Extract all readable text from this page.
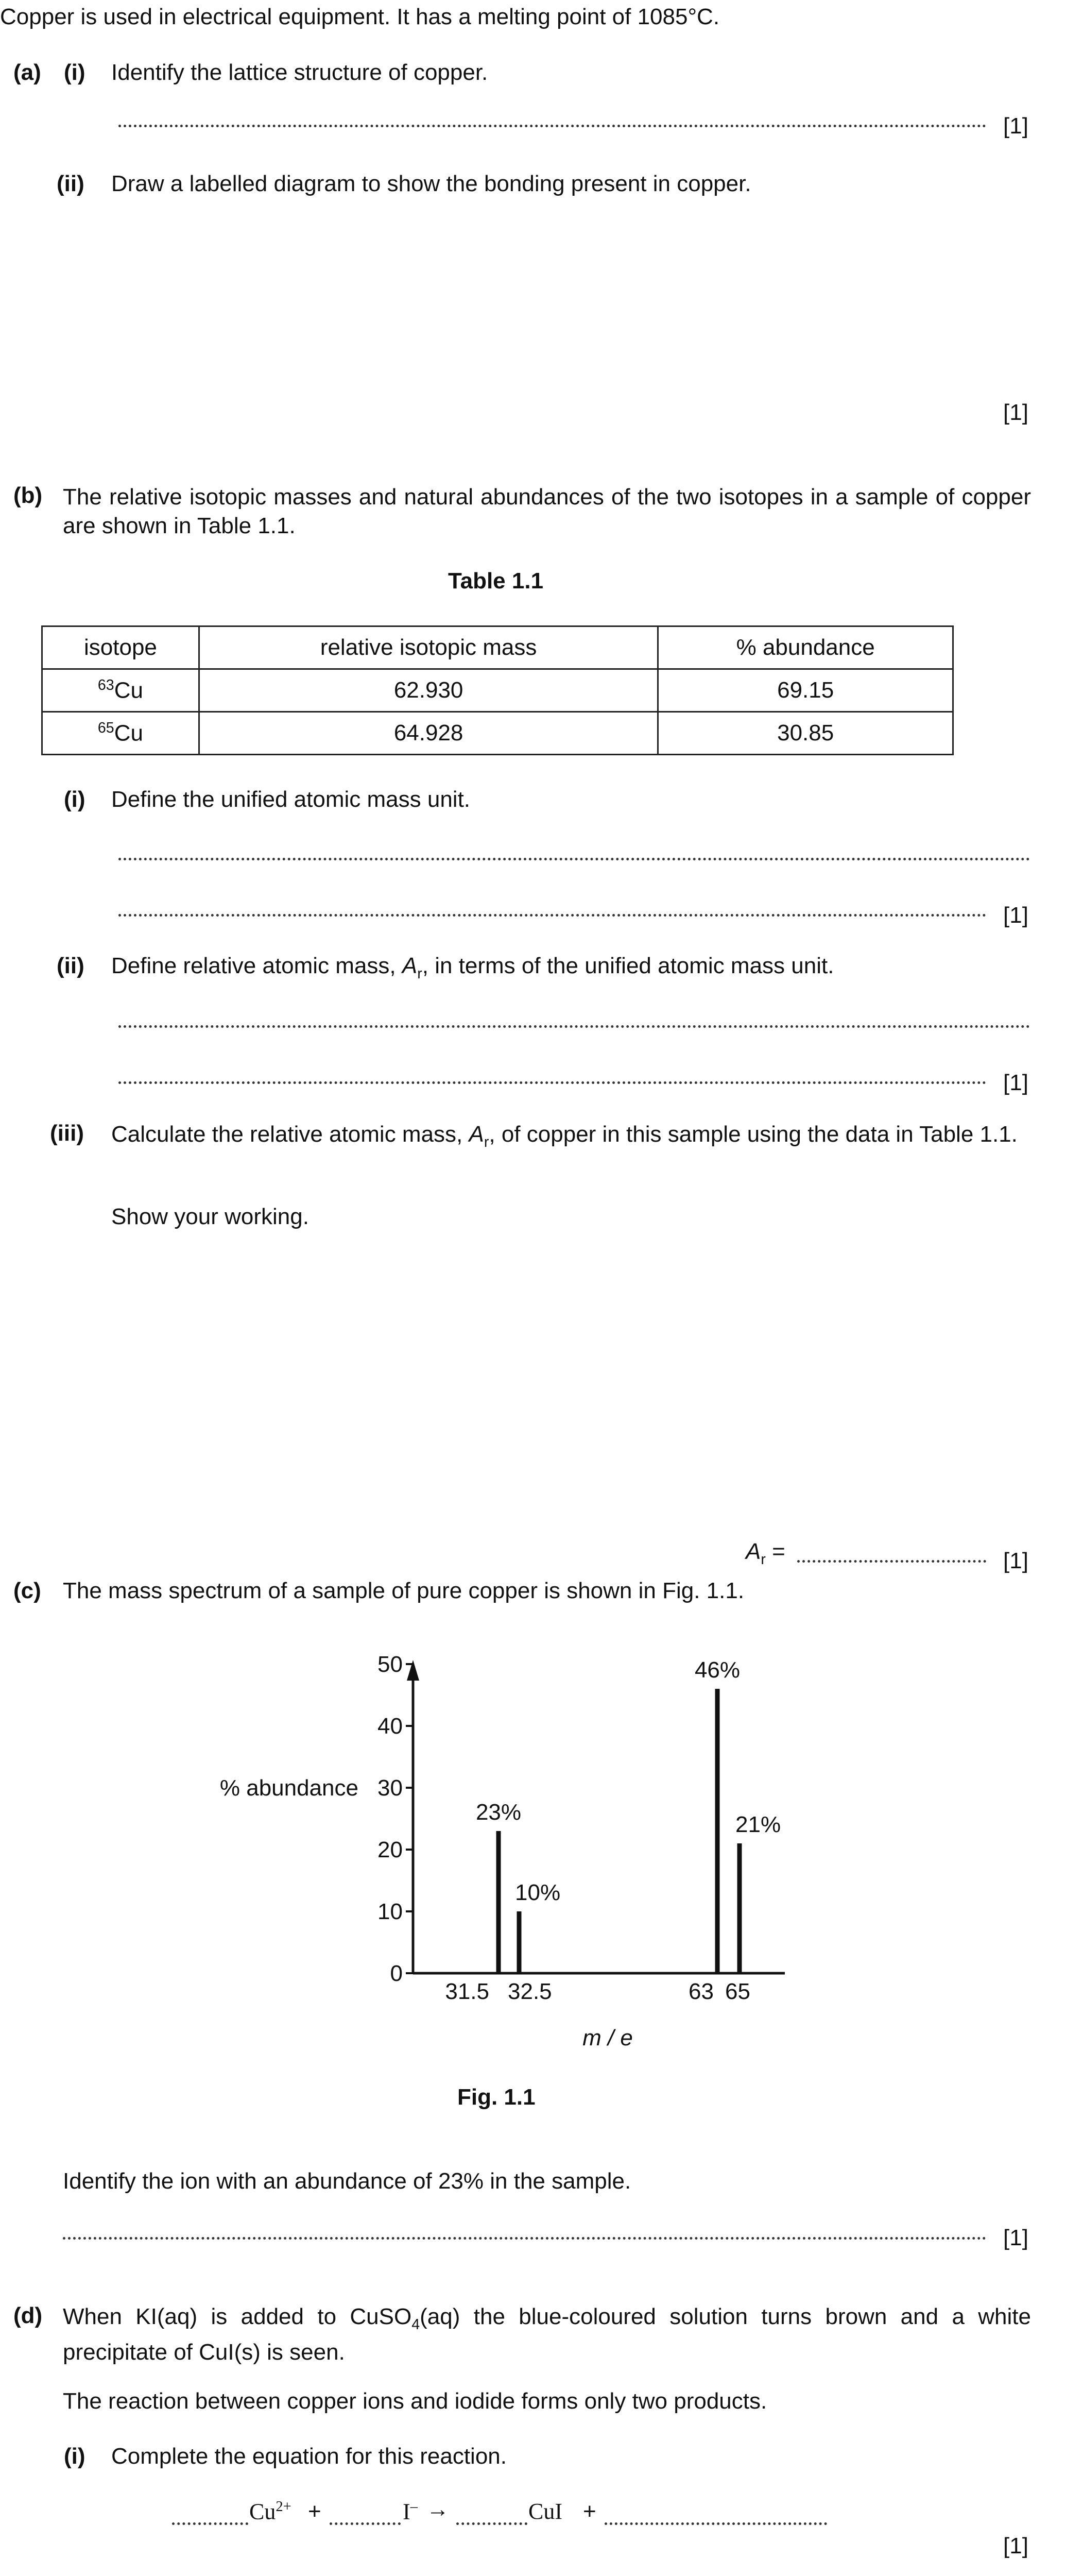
Copper is used in electrical equipment. It has a melting point of 1085°C.
(a) (i) Identify the lattice structure of copper.
[1]
(ii) Draw a labelled diagram to show the bonding present in copper.
[1]
(b) The relative isotopic masses and natural abundances of the two isotopes in a sample of copper are shown in Table 1.1.
Table 1.1
isotope	relative isotopic mass	% abundance
$^{63}$Cu	62.930	69.15
$^{65}$Cu	64.928	30.85
(i) Define the unified atomic mass unit.
[1]
(ii) Define relative atomic mass, $A_r$, in terms of the unified atomic mass unit.
[1]
(iii) Calculate the relative atomic mass, $A_r$, of copper in this sample using the data in Table 1.1.
Show your working.
$A_r$ =	[1]
(c) The mass spectrum of a sample of pure copper is shown in Fig. 1.1.
0
10
20
30
40
50
% abundance
23%
10%
46%
21%
31.5 32.5	63 65
m / e
Fig. 1.1
Identify the ion with an abundance of 23% in the sample.
[1]
(d) When KI(aq) is added to CuSO$_4$(aq) the blue-coloured solution turns brown and a white precipitate of CuI(s) is seen.
The reaction between copper ions and iodide forms only two products.
(i) Complete the equation for this reaction.
$Cu^{2+}$ +	I– →	CuI +
[1]
